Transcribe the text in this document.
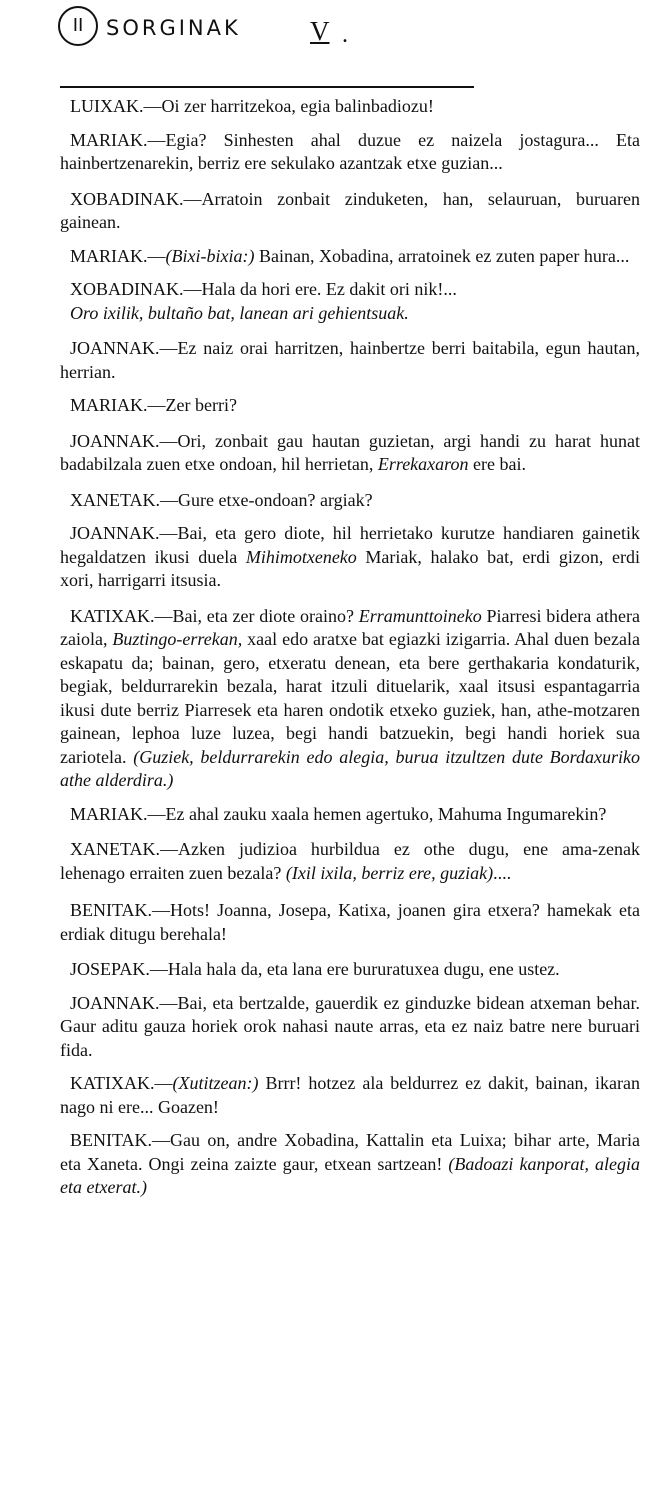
II	SORGINAK	V .

LUIXAK.—Oi zer harritzekoa, egia balinbadiozu!

MARIAK.—Egia? Sinhesten ahal duzue ez naizela jostagura... Eta hainbertzenarekin, berriz ere sekulako azantzak etxe guzian...

XOBADINAK.—Arratoin zonbait zinduketen, han, selauruan, buruaren gainean.

MARIAK.—(Bixi-bixia:) Bainan, Xobadina, arratoinek ez zuten paper hura...

XOBADINAK.—Hala da hori ere. Ez dakit ori nik!...

Oro ixilik, bultaño bat, lanean ari gehientsuak.

JOANNAK.—Ez naiz orai harritzen, hainbertze berri baitabila, egun hautan, herrian.

MARIAK.—Zer berri?

JOANNAK.—Ori, zonbait gau hautan guzietan, argi handi zu harat hunat badabilzala zuen etxe ondoan, hil herrietan, Errekaxaron ere bai.

XANETAK.—Gure etxe-ondoan? argiak?

JOANNAK.—Bai, eta gero diote, hil herrietako kurutze handiaren gainetik hegaldatzen ikusi duela Mihimotxeneko Mariak, halako bat, erdi gizon, erdi xori, harrigarri itsusia.

KATIXAK.—Bai, eta zer diote oraino? Erramunttoineko Piarresi bidera athera zaiola, Buztingo-errekan, xaal edo aratxe bat egiazki izigarria. Ahal duen bezala eskapatu da; bainan, gero, etxeratu denean, eta bere gerthakaria kondaturik, begiak, beldurrarekin bezala, harat itzuli dituelarik, xaal itsusi espantagarria ikusi dute berriz Piarresek eta haren ondotik etxeko guziek, han, athe-motzaren gainean, lephoa luze luzea, begi handi batzuekin, begi handi horiek sua zariotela. (Guziek, beldurrarekin edo alegia, burua itzultzen dute Bordaxuriko athe alderdira.)

MARIAK.—Ez ahal zauku xaala hemen agertuko, Mahuma Ingumarekin?

XANETAK.—Azken judizioa hurbildua ez othe dugu, ene ama-zenak lehenago erraiten zuen bezala? (Ixil ixila, berriz ere, guziak)....

BENITAK.—Hots! Joanna, Josepa, Katixa, joanen gira etxera? hamekak eta erdiak ditugu berehala!

JOSEPAK.—Hala hala da, eta lana ere bururatuxea dugu, ene ustez.

JOANNAK.—Bai, eta bertzalde, gauerdik ez ginduzke bidean atxeman behar. Gaur aditu gauza horiek orok nahasi naute arras, eta ez naiz batre nere buruari fida.

KATIXAK.—(Xutitzean:) Brrr! hotzez ala beldurrez ez dakit, bainan, ikaran nago ni ere... Goazen!

BENITAK.—Gau on, andre Xobadina, Kattalin eta Luixa; bihar arte, Maria eta Xaneta. Ongi zeina zaizte gaur, etxean sartzean! (Badoazi kanporat, alegia eta etxerat.)
